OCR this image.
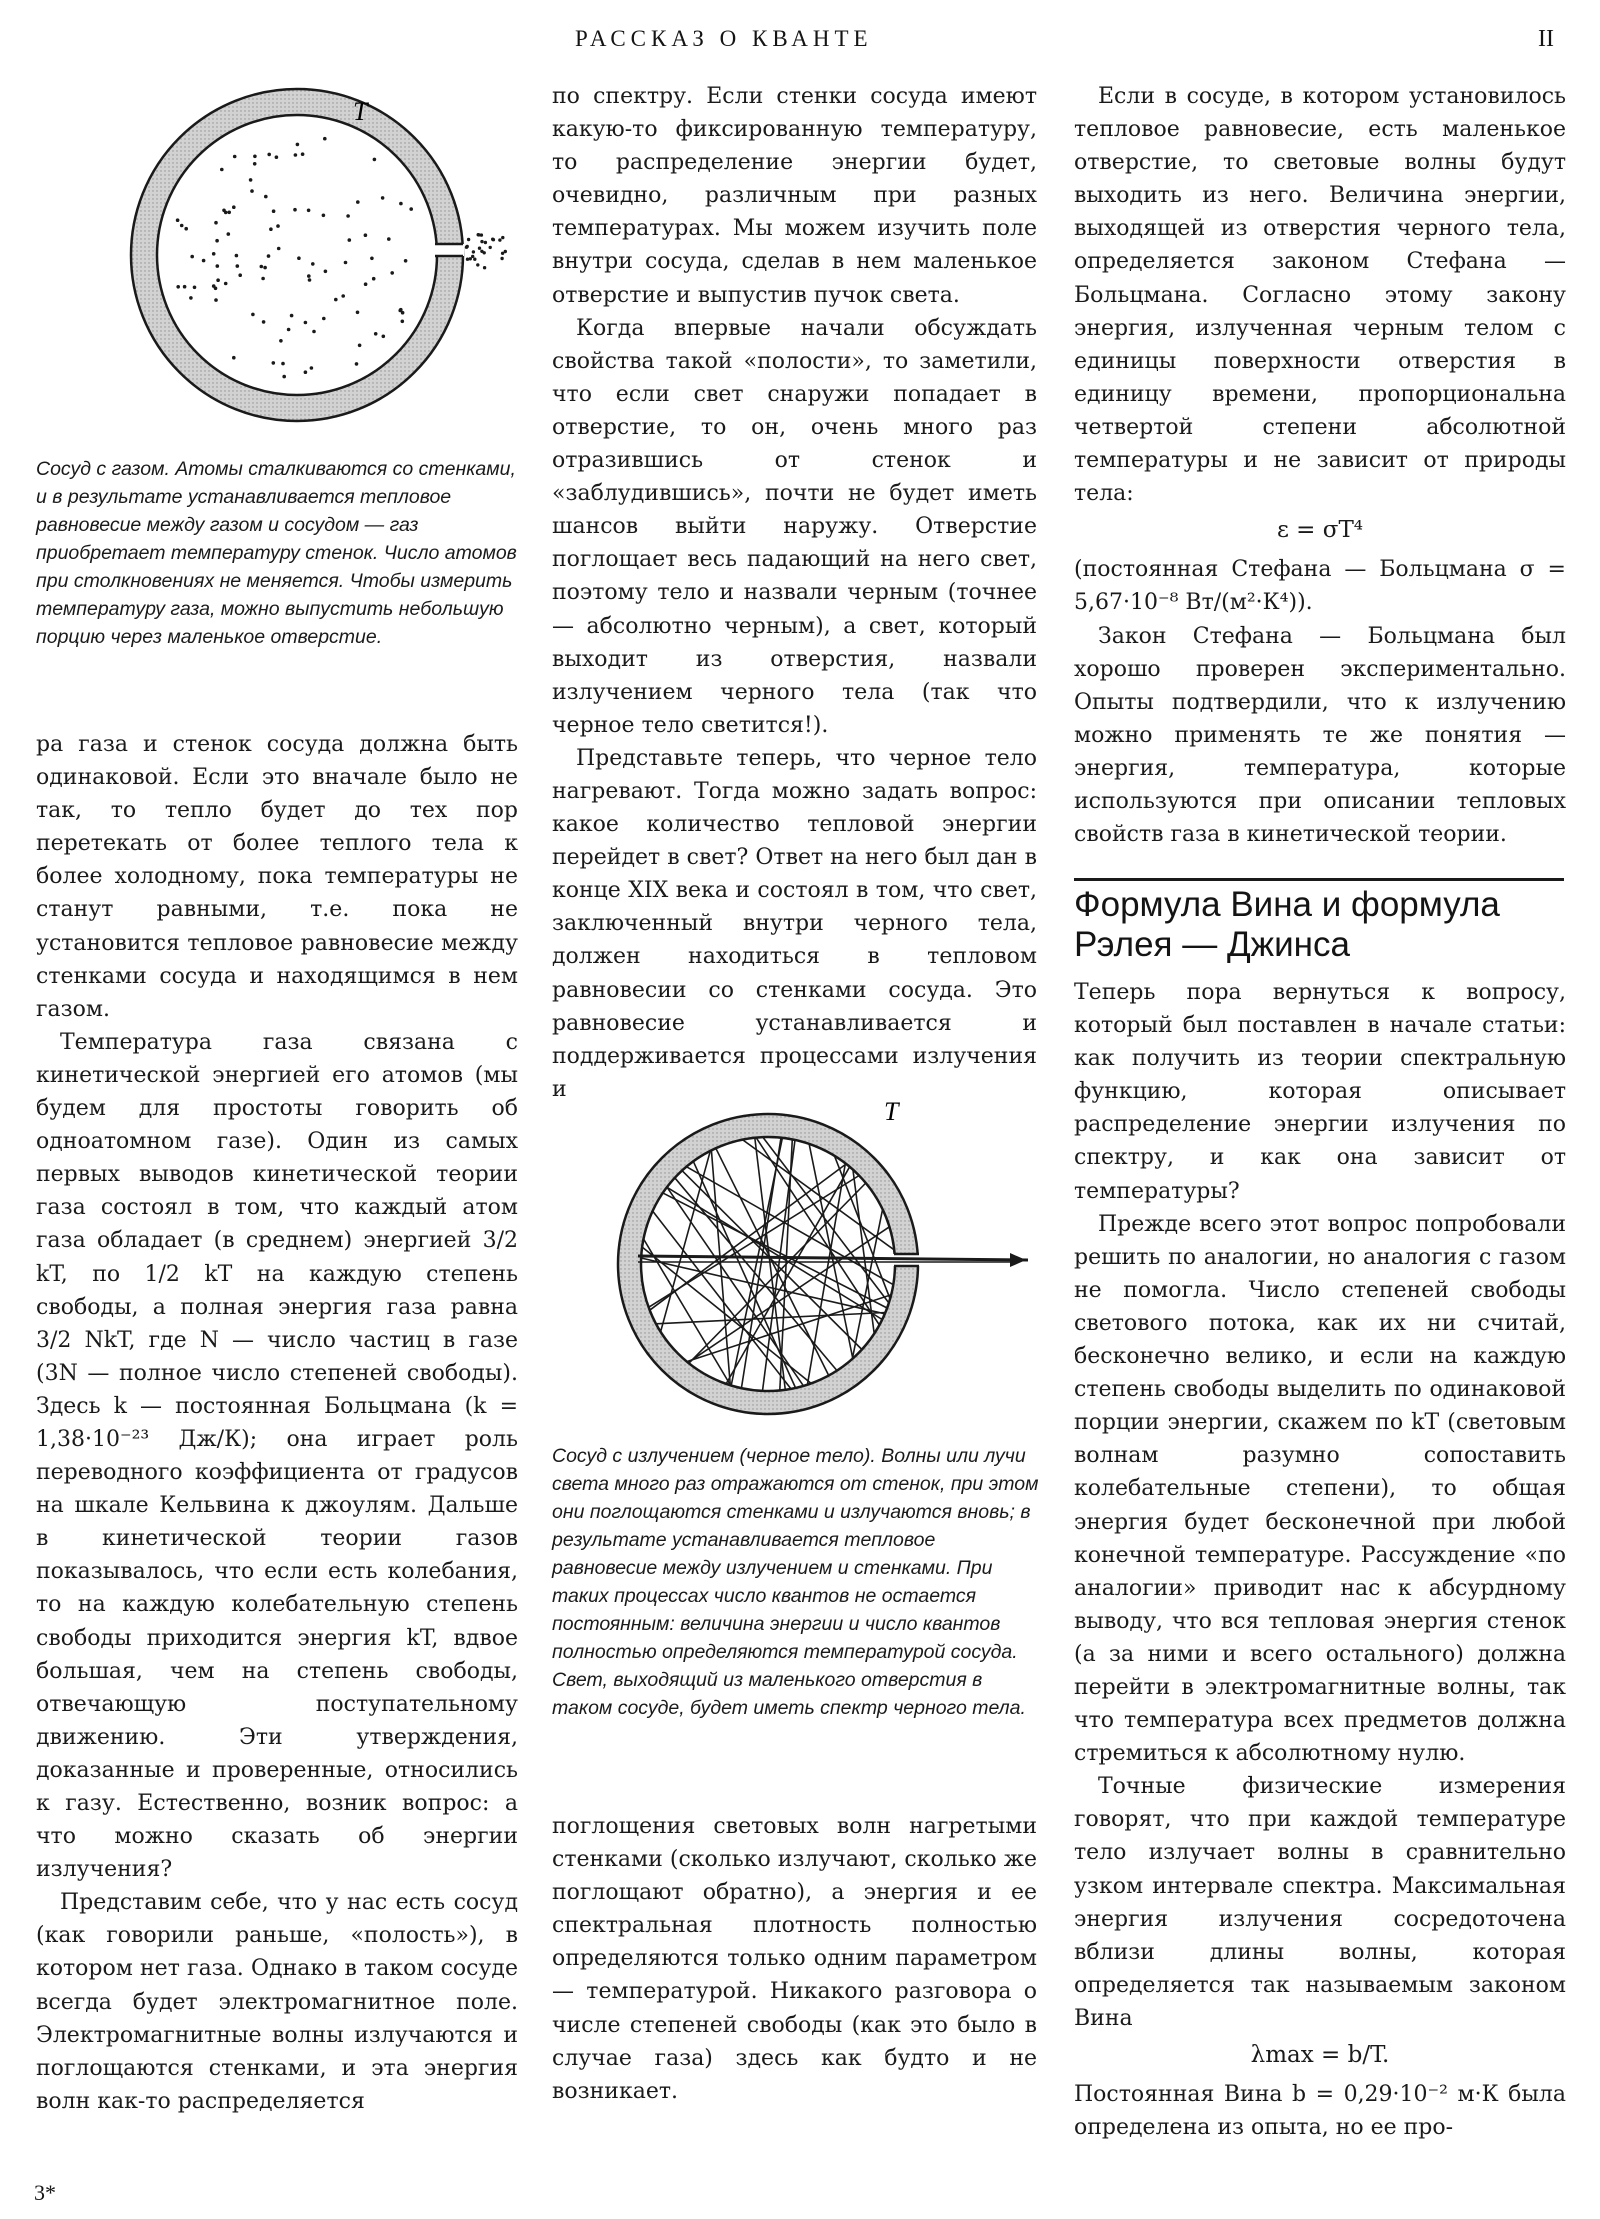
РАССКАЗ О КВАНТЕ	II
T

Сосуд с газом. Атомы сталкиваются со стенками, и в результате устанавливается тепловое равновесие между газом и сосудом — газ приобретает температуру стенок. Число атомов при столкновениях не меняется. Чтобы измерить температуру газа, можно выпустить небольшую порцию через маленькое отверстие.

ра газа и стенок сосуда должна быть одинаковой. Если это вначале было не так, то тепло будет до тех пор перетекать от более теплого тела к более холодному, пока температуры не станут равными, т.е. пока не установится тепловое равновесие между стенками сосуда и находящимся в нем газом.

Температура газа связана с кинетической энергией его атомов (мы будем для простоты говорить об одноатомном газе). Один из самых первых выводов кинетической теории газа состоял в том, что каждый атом газа обладает (в среднем) энергией 3/2 kT, по 1/2 kT на каждую степень свободы, а полная энергия газа равна 3/2 NkT, где N — число частиц в газе (3N — полное число степеней свободы). Здесь k — постоянная Больцмана (k = 1,38·10⁻²³ Дж/К); она играет роль переводного коэффициента от градусов на шкале Кельвина к джоулям. Дальше в кинетической теории газов показывалось, что если есть колебания, то на каждую колебательную степень свободы приходится энергия kT, вдвое большая, чем на степень свободы, отвечающую поступательному движению. Эти утверждения, доказанные и проверенные, относились к газу. Естественно, возник вопрос: а что можно сказать об энергии излучения?

Представим себе, что у нас есть сосуд (как говорили раньше, «полость»), в котором нет газа. Однако в таком сосуде всегда будет электромагнитное поле. Электромагнитные волны излучаются и поглощаются стенками, и эта энергия волн как-то распределяется

по спектру. Если стенки сосуда имеют какую-то фиксированную температуру, то распределение энергии будет, очевидно, различным при разных температурах. Мы можем изучить поле внутри сосуда, сделав в нем маленькое отверстие и выпустив пучок света.

Когда впервые начали обсуждать свойства такой «полости», то заметили, что если свет снаружи попадает в отверстие, то он, очень много раз отразившись от стенок и «заблудившись», почти не будет иметь шансов выйти наружу. Отверстие поглощает весь падающий на него свет, поэтому тело и назвали черным (точнее — абсолютно черным), а свет, который выходит из отверстия, назвали излучением черного тела (так что черное тело светится!).

Представьте теперь, что черное тело нагревают. Тогда можно задать вопрос: какое количество тепловой энергии перейдет в свет? Ответ на него был дан в конце XIX века и состоял в том, что свет, заключенный внутри черного тела, должен находиться в тепловом равновесии со стенками сосуда. Это равновесие устанавливается и поддерживается процессами излучения и

T

Сосуд с излучением (черное тело). Волны или лучи света много раз отражаются от стенок, при этом они поглощаются стенками и излучаются вновь; в результате устанавливается тепловое равновесие между излучением и стенками. При таких процессах число квантов не остается постоянным: величина энергии и число квантов полностью определяются температурой сосуда. Свет, выходящий из маленького отверстия в таком сосуде, будет иметь спектр черного тела.

поглощения световых волн нагретыми стенками (сколько излучают, сколько же поглощают обратно), а энергия и ее спектральная плотность полностью определяются только одним параметром — температурой. Никакого разговора о числе степеней свободы (как это было в случае газа) здесь как будто и не возникает.

Если в сосуде, в котором установилось тепловое равновесие, есть маленькое отверстие, то световые волны будут выходить из него. Величина энергии, выходящей из отверстия черного тела, определяется законом Стефана — Больцмана. Согласно этому закону энергия, излученная черным телом с единицы поверхности отверстия в единицу времени, пропорциональна четвертой степени абсолютной температуры и не зависит от природы тела:

ε = σT⁴

(постоянная Стефана — Больцмана σ = 5,67·10⁻⁸ Вт/(м²·К⁴)).

Закон Стефана — Больцмана был хорошо проверен экспериментально. Опыты подтвердили, что к излучению можно применять те же понятия — энергия, температура, которые используются при описании тепловых свойств газа в кинетической теории.

Формула Вина и формула Рэлея — Джинса

Теперь пора вернуться к вопросу, который был поставлен в начале статьи: как получить из теории спектральную функцию, которая описывает распределение энергии излучения по спектру, и как она зависит от температуры?

Прежде всего этот вопрос попробовали решить по аналогии, но аналогия с газом не помогла. Число степеней свободы светового потока, как их ни считай, бесконечно велико, и если на каждую степень свободы выделить по одинаковой порции энергии, скажем по kT (световым волнам разумно сопоставить колебательные степени), то общая энергия будет бесконечной при любой конечной температуре. Рассуждение «по аналогии» приводит нас к абсурдному выводу, что вся тепловая энергия стенок (а за ними и всего остального) должна перейти в электромагнитные волны, так что температура всех предметов должна стремиться к абсолютному нулю.

Точные физические измерения говорят, что при каждой температуре тело излучает волны в сравнительно узком интервале спектра. Максимальная энергия излучения сосредоточена вблизи длины волны, которая определяется так называемым законом Вина

λmax = b/T.

Постоянная Вина b = 0,29·10⁻² м·К была определена из опыта, но ее про-

3*
